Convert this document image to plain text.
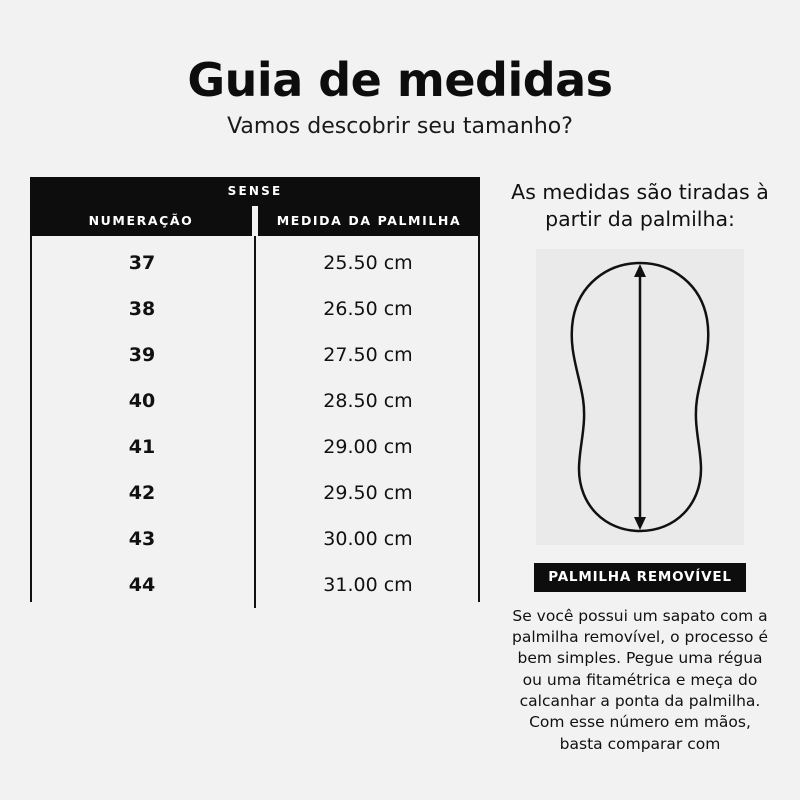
Guia de medidas

Vamos descobrir seu tamanho?

SENSE	
NUMERAÇÃO	MEDIDA DA PALMILHA
37	25.50 cm
38	26.50 cm
39	27.50 cm
40	28.50 cm
41	29.00 cm
42	29.50 cm
43	30.00 cm
44	31.00 cm

As medidas são tiradas à partir da palmilha:

PALMILHA REMOVÍVEL

Se você possui um sapato com a palmilha removível, o processo é bem simples. Pegue uma régua ou uma fitamétrica e meça do calcanhar a ponta da palmilha. Com esse número em mãos, basta comparar com
